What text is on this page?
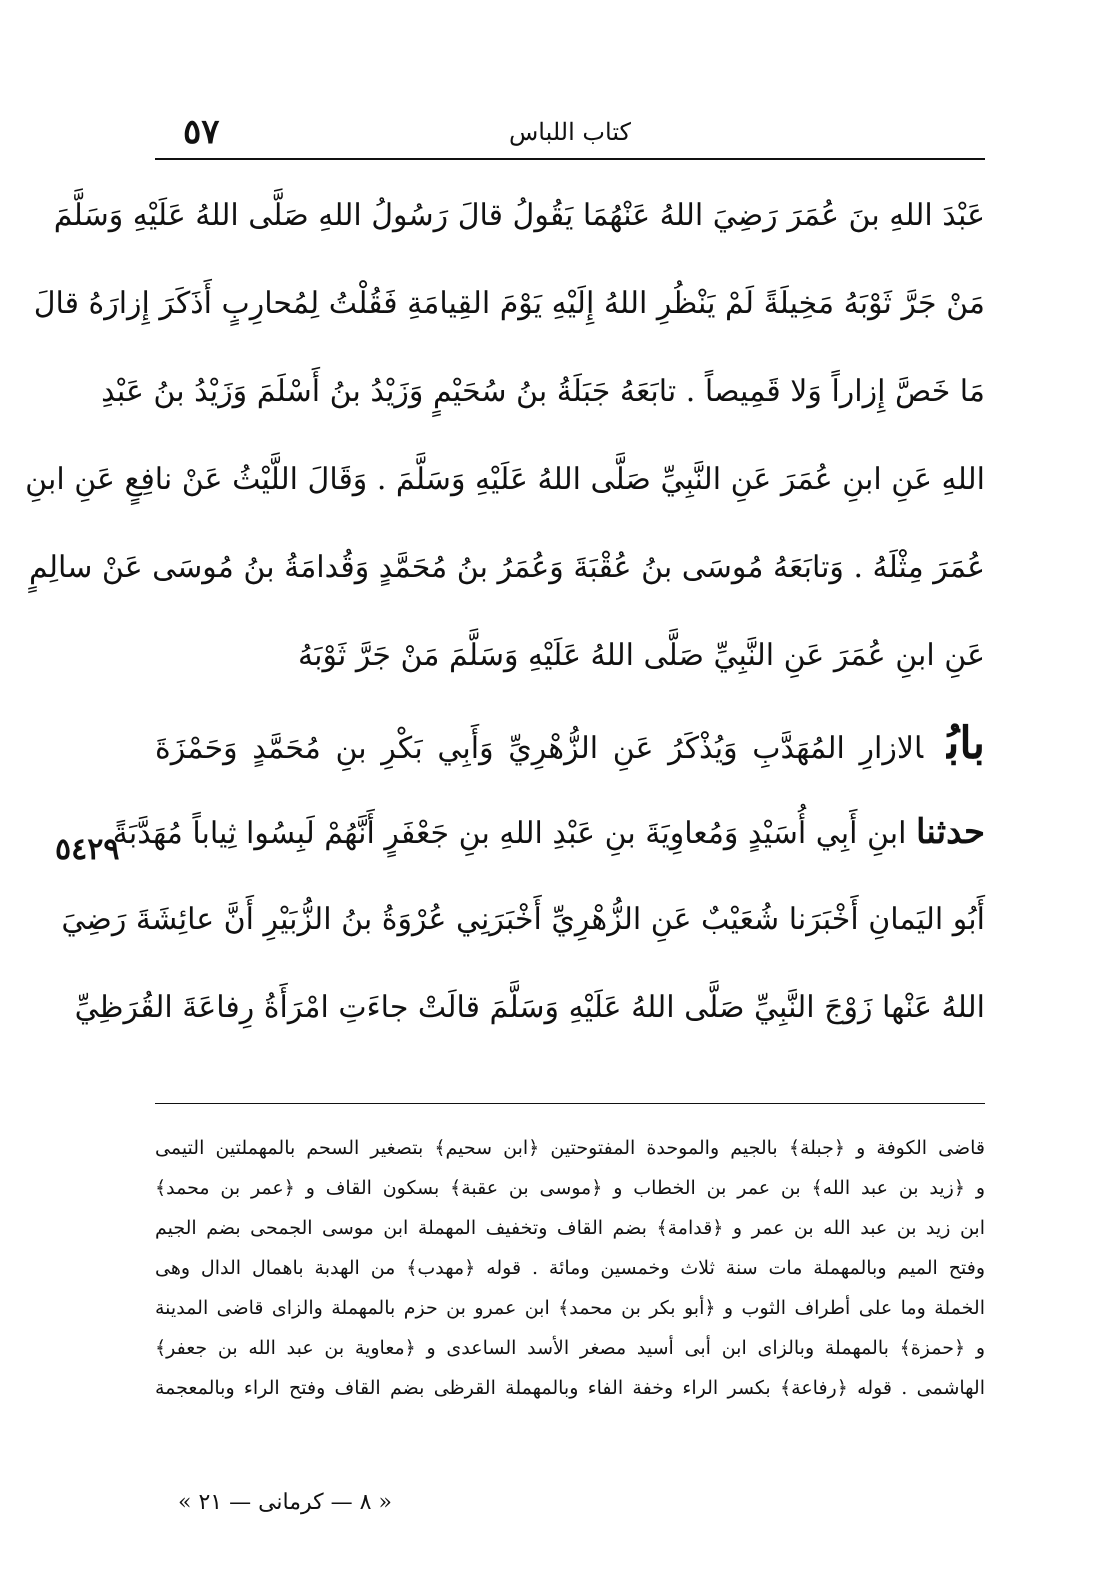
٥٧	كتاب اللباس
عَبْدَ اللهِ بنَ عُمَرَ رَضِيَ اللهُ عَنْهُمَا يَقُولُ قالَ رَسُولُ اللهِ صَلَّى اللهُ عَلَيْهِ وَسَلَّمَ
مَنْ جَرَّ ثَوْبَهُ مَخِيلَةً لَمْ يَنْظُرِ اللهُ إِلَيْهِ يَوْمَ القِيامَةِ فَقُلْتُ لِمُحارِبٍ أَذَكَرَ إِزارَهُ قالَ
مَا خَصَّ إِزاراً وَلا قَمِيصاً . تابَعَهُ جَبَلَةُ بنُ سُحَيْمٍ وَزَيْدُ بنُ أَسْلَمَ وَزَيْدُ بنُ عَبْدِ
اللهِ عَنِ ابنِ عُمَرَ عَنِ النَّبِيِّ صَلَّى اللهُ عَلَيْهِ وَسَلَّمَ . وَقَالَ اللَّيْثُ عَنْ نافِعٍ عَنِ ابنِ
عُمَرَ مِثْلَهُ . وَتابَعَهُ مُوسَى بنُ عُقْبَةَ وَعُمَرُ بنُ مُحَمَّدٍ وَقُدامَةُ بنُ مُوسَى عَنْ سالِمٍ
عَنِ ابنِ عُمَرَ عَنِ النَّبِيِّ صَلَّى اللهُ عَلَيْهِ وَسَلَّمَ مَنْ جَرَّ ثَوْبَهُ
بابُالازارِ المُهَدَّبِ وَيُذْكَرُ عَنِ الزُّهْرِيِّ وَأَبِي بَكْرِ بنِ مُحَمَّدٍ وَحَمْزَةَ
حدثنا ابنِ أَبِي أُسَيْدٍ وَمُعاوِيَةَ بنِ عَبْدِ اللهِ بنِ جَعْفَرٍ أَنَّهُمْ لَبِسُوا ثِياباً مُهَدَّبَةً
أَبُو اليَمانِ أَخْبَرَنا شُعَيْبٌ عَنِ الزُّهْرِيِّ أَخْبَرَنِي عُرْوَةُ بنُ الزُّبَيْرِ أَنَّ عائِشَةَ رَضِيَ
اللهُ عَنْها زَوْجَ النَّبِيِّ صَلَّى اللهُ عَلَيْهِ وَسَلَّمَ قالَتْ جاءَتِ امْرَأَةُ رِفاعَةَ القُرَظِيِّ
٥٤٢٩
قاضى الكوفة و ﴿جبلة﴾ بالجيم والموحدة المفتوحتين ﴿ابن سحيم﴾ بتصغير السحم بالمهملتين التيمى
و ﴿زيد بن عبد الله﴾ بن عمر بن الخطاب و ﴿موسى بن عقبة﴾ بسكون القاف و ﴿عمر بن محمد﴾
ابن زيد بن عبد الله بن عمر و ﴿قدامة﴾ بضم القاف وتخفيف المهملة ابن موسى الجمحى بضم الجيم
وفتح الميم وبالمهملة مات سنة ثلاث وخمسين ومائة . قوله ﴿مهدب﴾ من الهدبة باهمال الدال وهى
الخملة وما على أطراف الثوب و ﴿أبو بكر بن محمد﴾ ابن عمرو بن حزم بالمهملة والزاى قاضى المدينة
و ﴿حمزة﴾ بالمهملة وبالزاى ابن أبى أسيد مصغر الأسد الساعدى و ﴿معاوية بن عبد الله بن جعفر﴾
الهاشمى . قوله ﴿رفاعة﴾ بكسر الراء وخفة الفاء وبالمهملة القرظى بضم القاف وفتح الراء وبالمعجمة
« ٨ — كرمانى — ٢١ »
